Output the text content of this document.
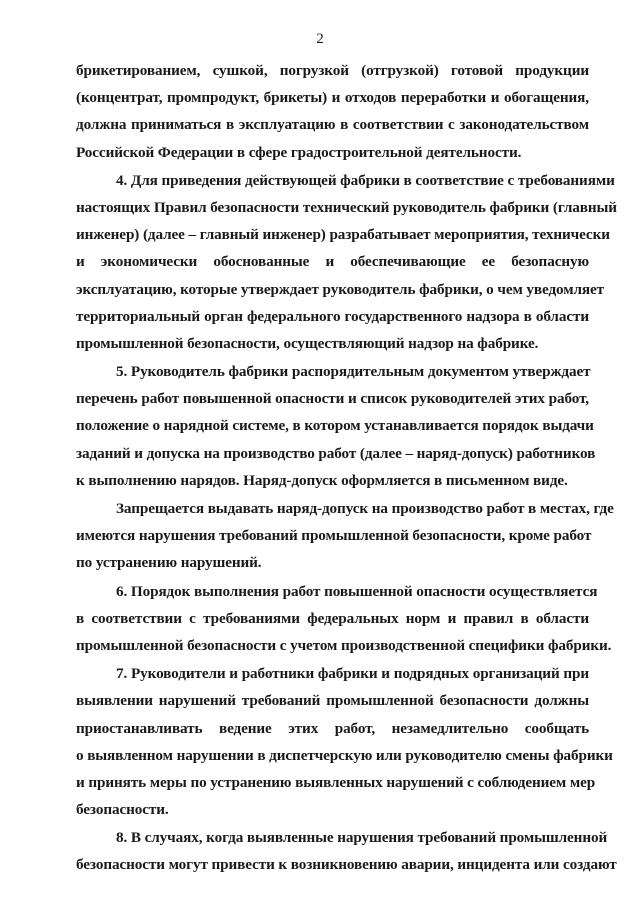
2
брикетированием, сушкой, погрузкой (отгрузкой) готовой продукции
(концентрат, промпродукт, брикеты) и отходов переработки и обогащения,
должна приниматься в эксплуатацию в соответствии с законодательством
Российской Федерации в сфере градостроительной деятельности.
4. Для приведения действующей фабрики в соответствие с требованиями
настоящих Правил безопасности технический руководитель фабрики (главный
инженер) (далее – главный инженер) разрабатывает мероприятия, технически
и экономически обоснованные и обеспечивающие ее безопасную
эксплуатацию, которые утверждает руководитель фабрики, о чем уведомляет
территориальный орган федерального государственного надзора в области
промышленной безопасности, осуществляющий надзор на фабрике.
5. Руководитель фабрики распорядительным документом утверждает
перечень работ повышенной опасности и список руководителей этих работ,
положение о нарядной системе, в котором устанавливается порядок выдачи
заданий и допуска на производство работ (далее – наряд-допуск) работников
к выполнению нарядов. Наряд-допуск оформляется в письменном виде.
Запрещается выдавать наряд-допуск на производство работ в местах, где
имеются нарушения требований промышленной безопасности, кроме работ
по устранению нарушений.
6. Порядок выполнения работ повышенной опасности осуществляется
в соответствии с требованиями федеральных норм и правил в области
промышленной безопасности с учетом производственной специфики фабрики.
7. Руководители и работники фабрики и подрядных организаций при
выявлении нарушений требований промышленной безопасности должны
приостанавливать ведение этих работ, незамедлительно сообщать
о выявленном нарушении в диспетчерскую или руководителю смены фабрики
и принять меры по устранению выявленных нарушений с соблюдением мер
безопасности.
8. В случаях, когда выявленные нарушения требований промышленной
безопасности могут привести к возникновению аварии, инцидента или создают
